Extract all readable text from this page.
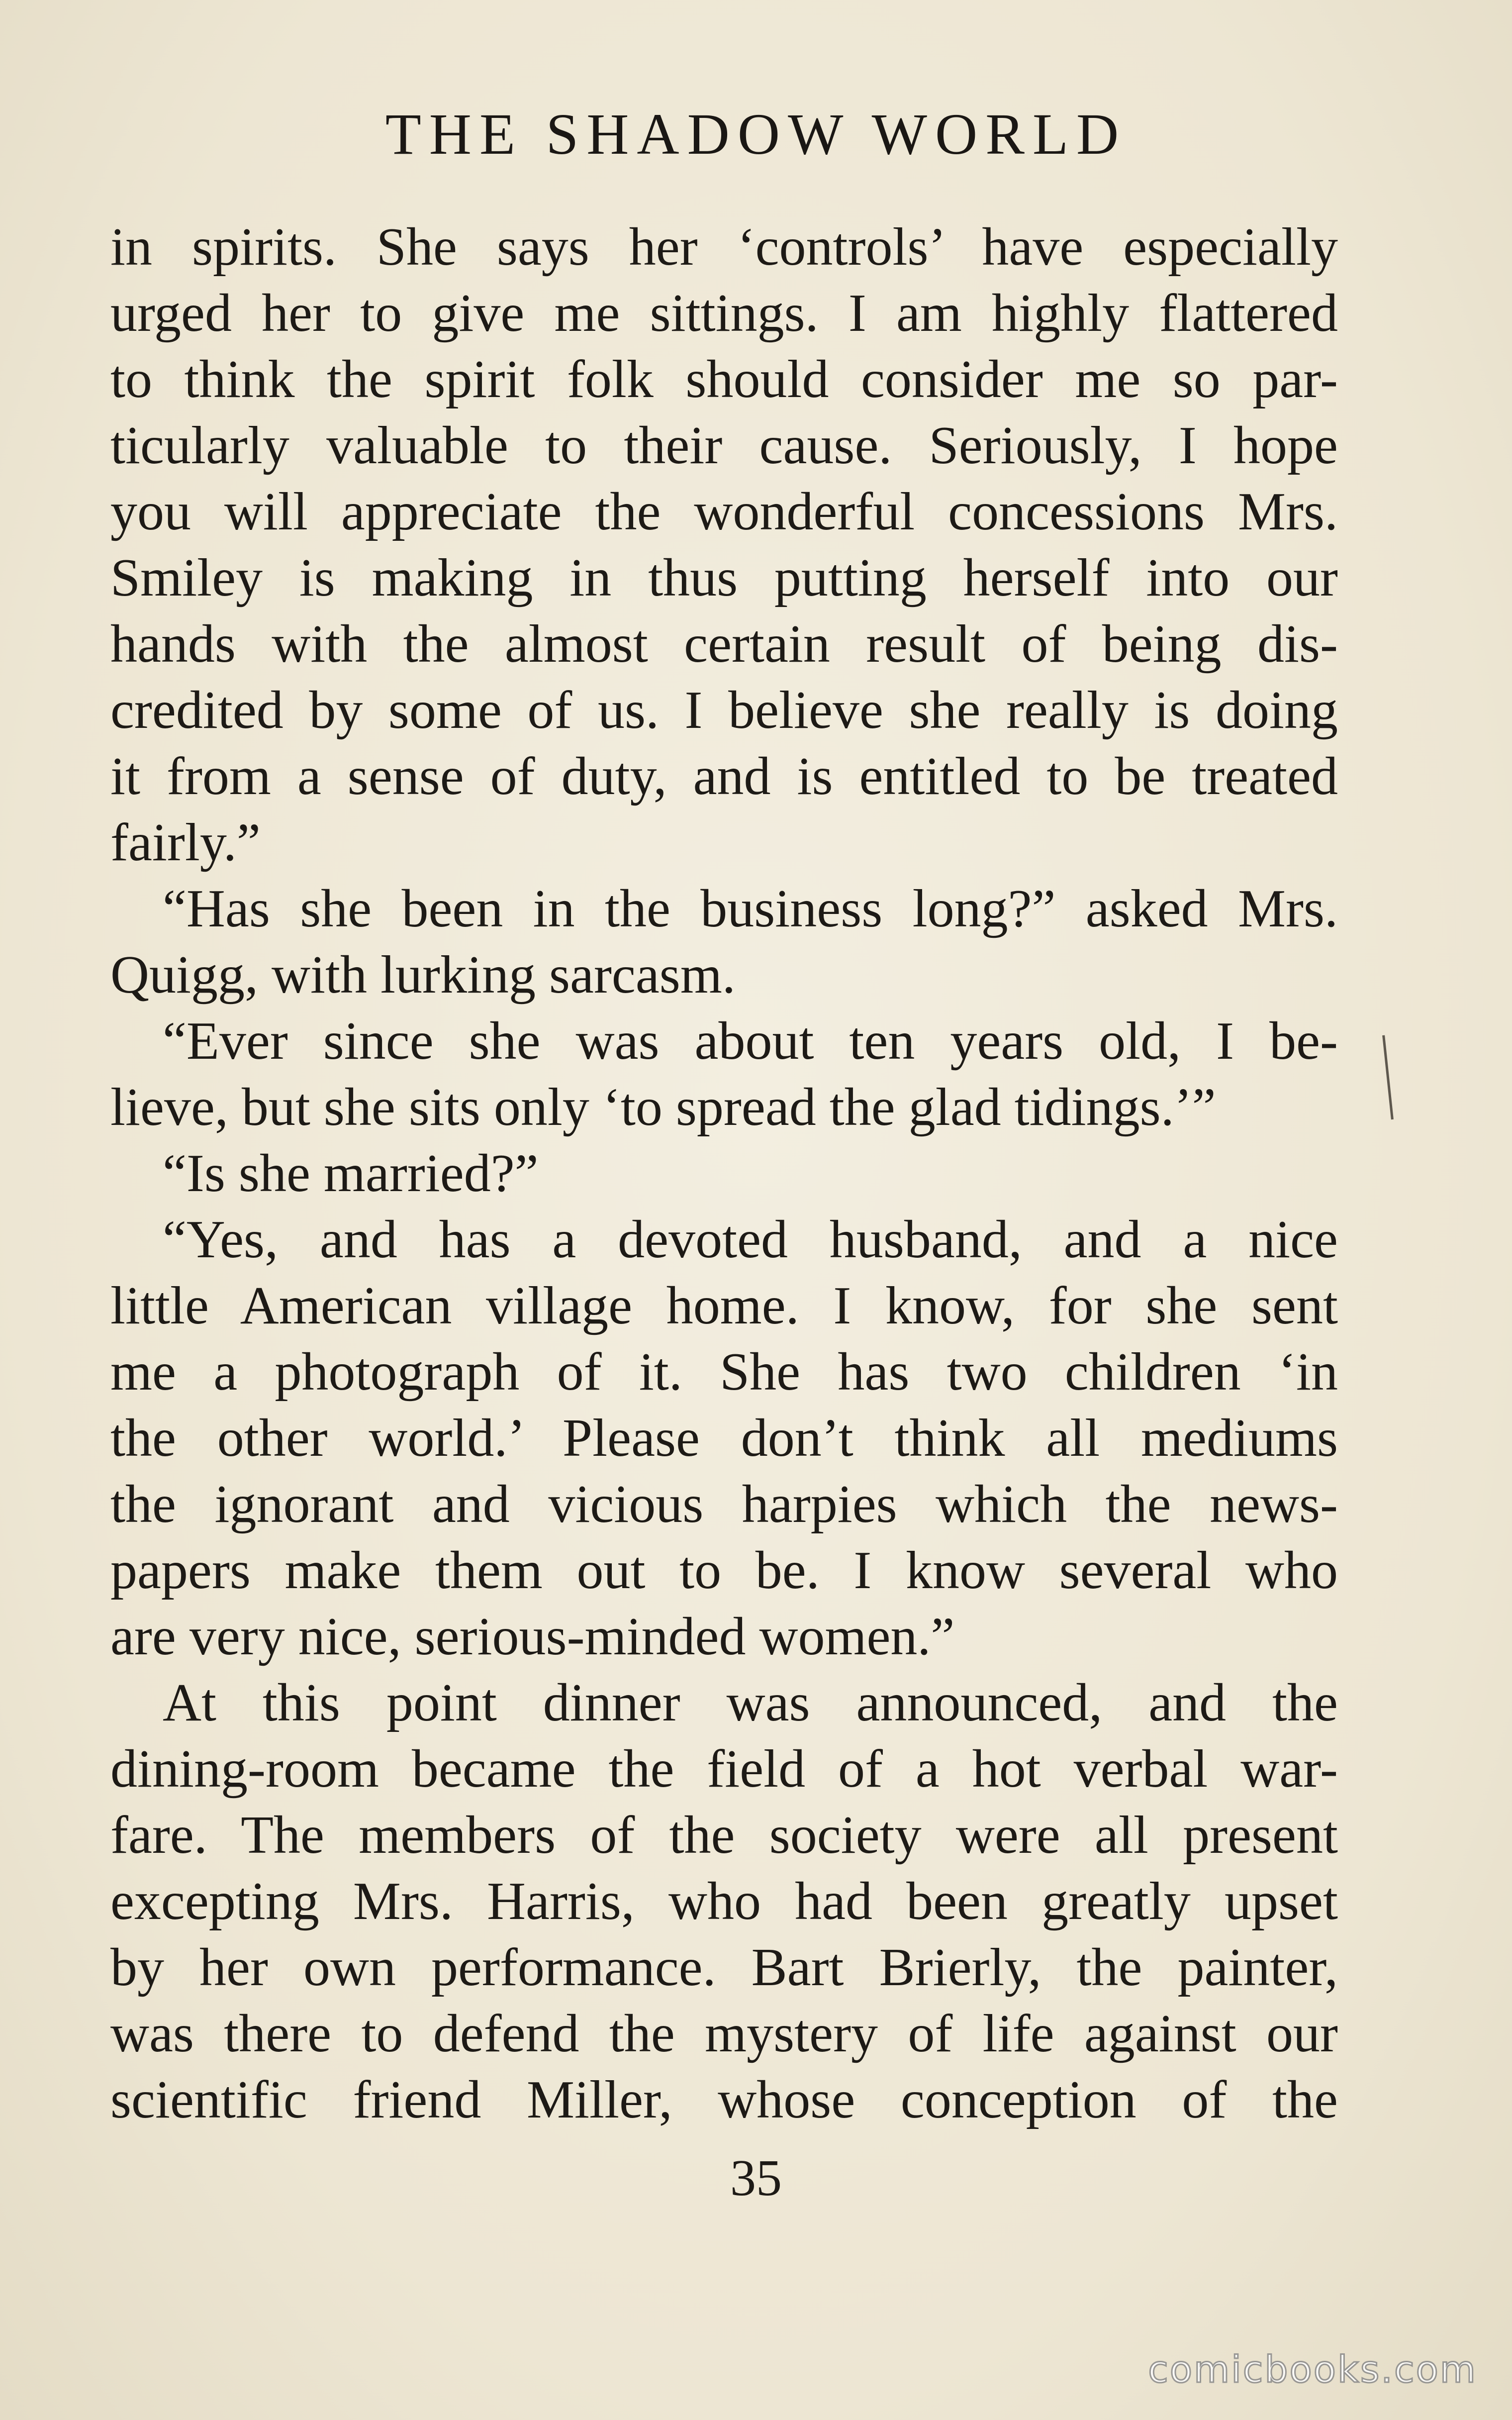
THE SHADOW WORLD
in spirits. She says her ‘controls’ have especially
urged her to give me sittings. I am highly flattered
to think the spirit folk should consider me so par-
ticularly valuable to their cause. Seriously, I hope
you will appreciate the wonderful concessions Mrs.
Smiley is making in thus putting herself into our
hands with the almost certain result of being dis-
credited by some of us. I believe she really is doing
it from a sense of duty, and is entitled to be treated
fairly.”
“Has she been in the business long?” asked Mrs.
Quigg, with lurking sarcasm.
“Ever since she was about ten years old, I be-
lieve, but she sits only ‘to spread the glad tidings.’”
“Is she married?”
“Yes, and has a devoted husband, and a nice
little American village home. I know, for she sent
me a photograph of it. She has two children ‘in
the other world.’ Please don’t think all mediums
the ignorant and vicious harpies which the news-
papers make them out to be. I know several who
are very nice, serious-minded women.”
At this point dinner was announced, and the
dining-room became the field of a hot verbal war-
fare. The members of the society were all present
excepting Mrs. Harris, who had been greatly upset
by her own performance. Bart Brierly, the painter,
was there to defend the mystery of life against our
scientific friend Miller, whose conception of the
35
comicbooks.com
